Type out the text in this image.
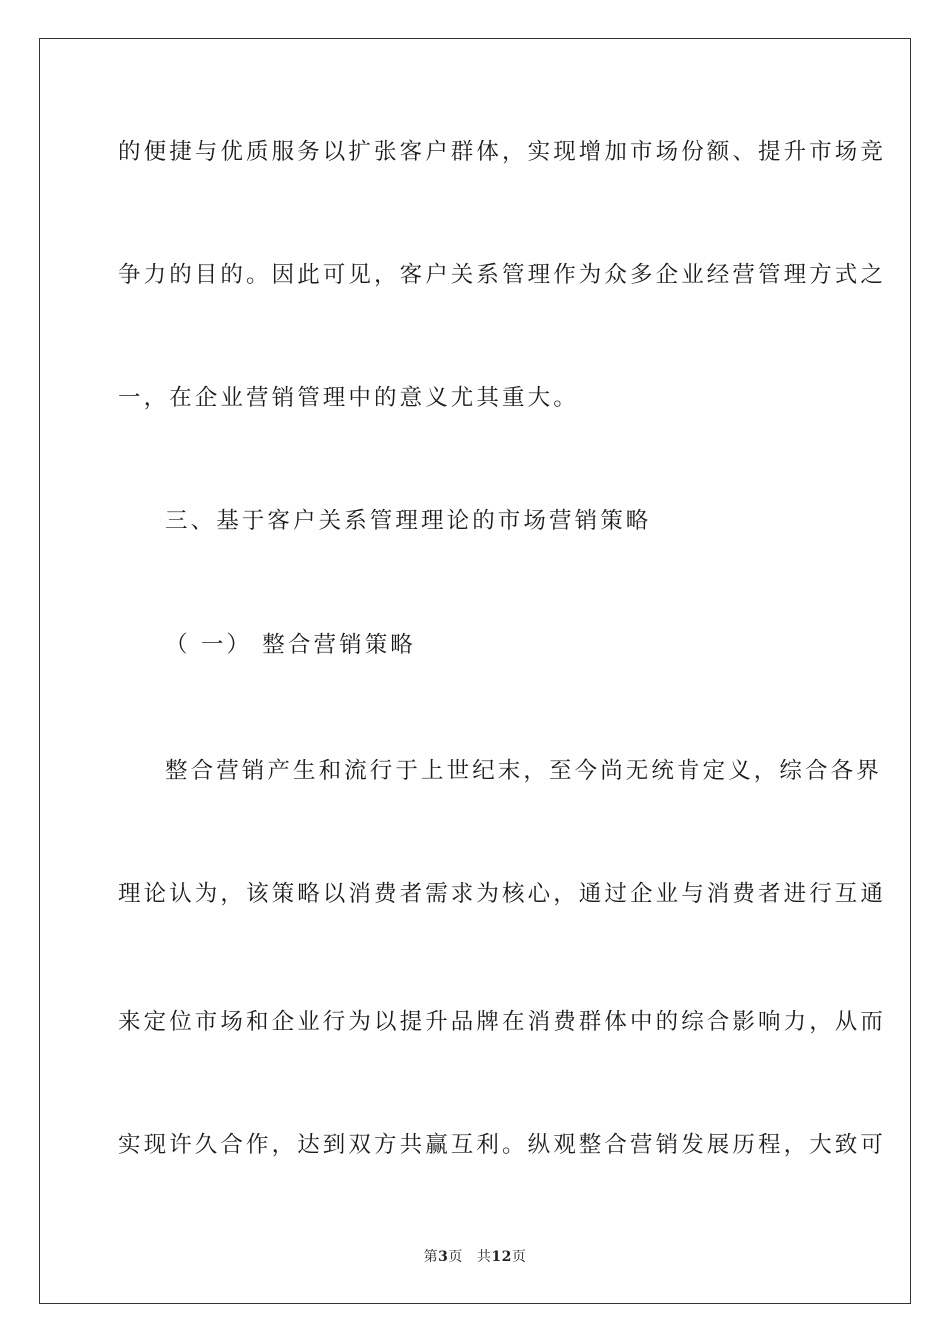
的便捷与优质服务以扩张客户群体，实现增加市场份额、提升市场竞
争力的目的。因此可见，客户关系管理作为众多企业经营管理方式之
一，在企业营销管理中的意义尤其重大。
三、基于客户关系管理理论的市场营销策略
（ 一） 整合营销策略
整合营销产生和流行于上世纪末，至今尚无统肯定义，综合各界
理论认为，该策略以消费者需求为核心，通过企业与消费者进行互通
来定位市场和企业行为以提升品牌在消费群体中的综合影响力，从而
实现许久合作，达到双方共赢互利。纵观整合营销发展历程，大致可
第3页 共12页
